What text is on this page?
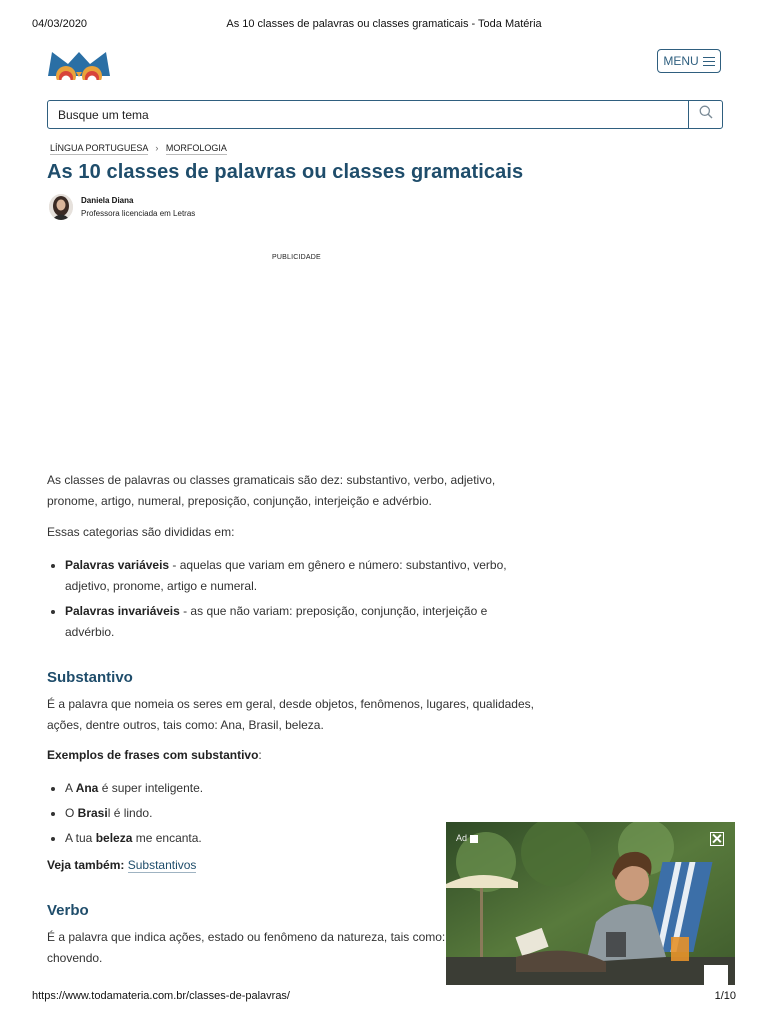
04/03/2020	As 10 classes de palavras ou classes gramaticais - Toda Matéria
MENU
Busque um tema
LÍNGUA PORTUGUESA › MORFOLOGIA
As 10 classes de palavras ou classes gramaticais
Daniela Diana
Professora licenciada em Letras
PUBLICIDADE

As classes de palavras ou classes gramaticais são dez: substantivo, verbo, adjetivo, pronome, artigo, numeral, preposição, conjunção, interjeição e advérbio.

Essas categorias são divididas em:

• Palavras variáveis - aquelas que variam em gênero e número: substantivo, verbo, adjetivo, pronome, artigo e numeral.
• Palavras invariáveis - as que não variam: preposição, conjunção, interjeição e advérbio.
Substantivo

É a palavra que nomeia os seres em geral, desde objetos, fenômenos, lugares, qualidades, ações, dentre outros, tais como: Ana, Brasil, beleza.

Exemplos de frases com substantivo:

• A Ana é super inteligente.
• O Brasil é lindo.
• A tua beleza me encanta.

Veja também: Substantivos

Verbo

É a palavra que indica ações, estado ou fenômeno da natureza, tais como:

chovendo.

Ad
https://www.todamateria.com.br/classes-de-palavras/	1/10
